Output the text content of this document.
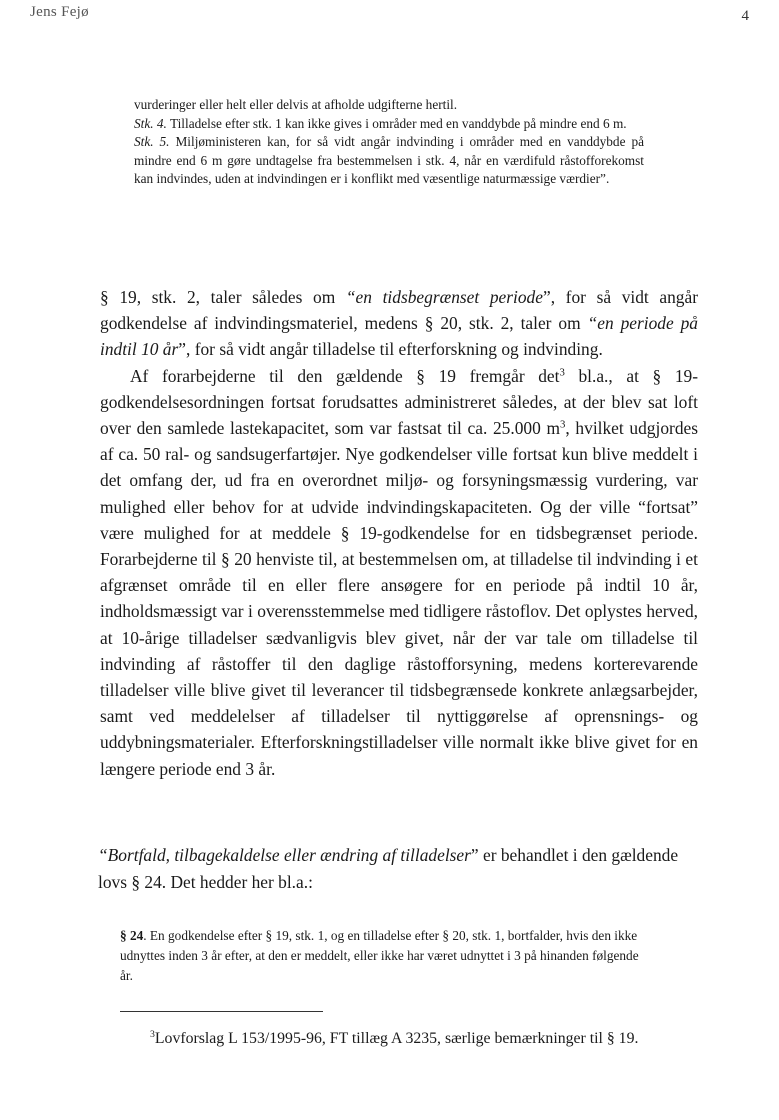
Jens Fejø	4

vurderinger eller helt eller delvis at afholde udgifterne hertil.

Stk. 4. Tilladelse efter stk. 1 kan ikke gives i områder med en vanddybde på mindre end 6 m.

Stk. 5. Miljøministeren kan, for så vidt angår indvinding i områder med en vanddybde på mindre end 6 m gøre undtagelse fra bestemmelsen i stk. 4, når en værdifuld råstofforekomst kan indvindes, uden at indvindingen er i konflikt med væsentlige naturmæssige værdier”.

§ 19, stk. 2, taler således om “en tidsbegrænset periode”, for så vidt angår godkendelse af indvindingsmateriel, medens § 20, stk. 2, taler om “en periode på indtil 10 år”, for så vidt angår tilladelse til efterforskning og indvinding.

Af forarbejderne til den gældende § 19 fremgår $\det^3 bl.a$., at § 19-godkendelsesordningen fortsat forudsattes administreret således, at der blev sat loft over den samlede lastekapacitet, som var fastsat til ca. 25.000 $m^3$, hvilket udgjordes af ca. 50 ral- og sandsugerfartøjer. Nye godkendelser ville fortsat kun blive meddelt i det omfang der, ud fra en overordnet miljø- og forsyningsmæssig vurdering, var mulighed eller behov for at udvide indvindingskapaciteten. Og der ville “fortsat” være mulighed for at meddele § 19-godkendelse for en tidsbegrænset periode. Forarbejderne til § 20 henviste til, at bestemmelsen om, at tilladelse til indvinding i et afgrænset område til en eller flere ansøgere for en periode på indtil 10 år, indholdsmæssigt var i overensstemmelse med tidligere råstoflov. Det oplystes herved, at 10-årige tilladelser sædvanligvis blev givet, når der var tale om tilladelse til indvinding af råstoffer til den daglige råstofforsyning, medens korterevarende tilladelser ville blive givet til leverancer til tidsbegrænsede konkrete anlægsarbejder, samt ved meddelelser af tilladelser til nyttiggørelse af oprensnings- og uddybningsmaterialer. Efterforskningstilladelser ville normalt ikke blive givet for en længere periode end 3 år.

“Bortfald, tilbagekaldelse eller ændring af tilladelser” er behandlet i den gældende lovs § 24. Det hedder her bl.a.:

§ 24. En godkendelse efter § 19, stk. 1, og en tilladelse efter § 20, stk. 1, bortfalder, hvis den ikke udnyttes inden 3 år efter, at den er meddelt, eller ikke har været udnyttet i 3 på hinanden følgende år.

$^3$Lovforslag L 153/1995-96, FT tillæg A 3235, særlige bemærkninger til § 19.
